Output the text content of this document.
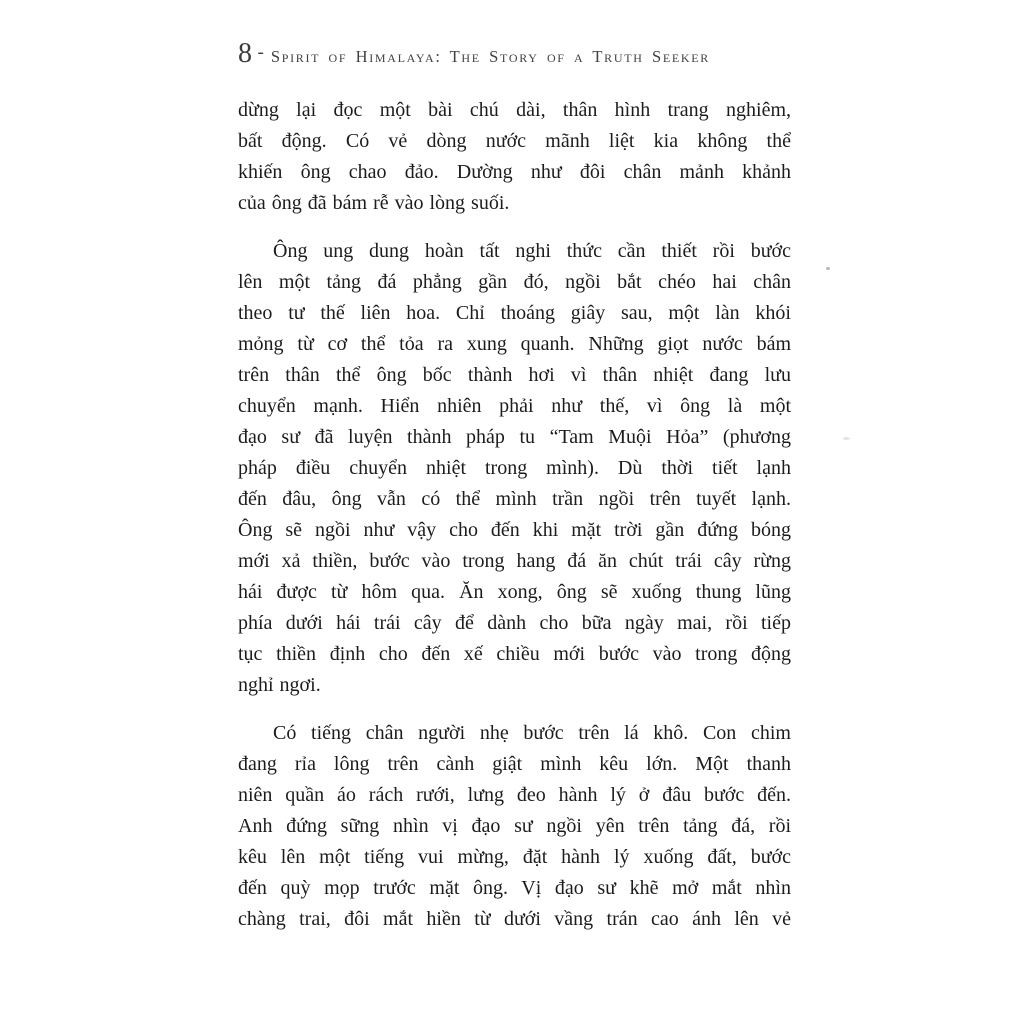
8 - Spirit of Himalaya: The Story of a Truth Seeker
dừng lại đọc một bài chú dài, thân hình trang nghiêm,
bất động. Có vẻ dòng nước mãnh liệt kia không thể
khiến ông chao đảo. Dường như đôi chân mảnh khảnh
của ông đã bám rễ vào lòng suối.
Ông ung dung hoàn tất nghi thức cần thiết rồi bước
lên một tảng đá phẳng gần đó, ngồi bắt chéo hai chân
theo tư thế liên hoa. Chỉ thoáng giây sau, một làn khói
mỏng từ cơ thể tỏa ra xung quanh. Những giọt nước bám
trên thân thể ông bốc thành hơi vì thân nhiệt đang lưu
chuyển mạnh. Hiển nhiên phải như thế, vì ông là một
đạo sư đã luyện thành pháp tu “Tam Muội Hỏa” (phương
pháp điều chuyển nhiệt trong mình). Dù thời tiết lạnh
đến đâu, ông vẫn có thể mình trần ngồi trên tuyết lạnh.
Ông sẽ ngồi như vậy cho đến khi mặt trời gần đứng bóng
mới xả thiền, bước vào trong hang đá ăn chút trái cây rừng
hái được từ hôm qua. Ăn xong, ông sẽ xuống thung lũng
phía dưới hái trái cây để dành cho bữa ngày mai, rồi tiếp
tục thiền định cho đến xế chiều mới bước vào trong động
nghỉ ngơi.
Có tiếng chân người nhẹ bước trên lá khô. Con chim
đang rỉa lông trên cành giật mình kêu lớn. Một thanh
niên quần áo rách rưới, lưng đeo hành lý ở đâu bước đến.
Anh đứng sững nhìn vị đạo sư ngồi yên trên tảng đá, rồi
kêu lên một tiếng vui mừng, đặt hành lý xuống đất, bước
đến quỳ mọp trước mặt ông. Vị đạo sư khẽ mở mắt nhìn
chàng trai, đôi mắt hiền từ dưới vầng trán cao ánh lên vẻ
